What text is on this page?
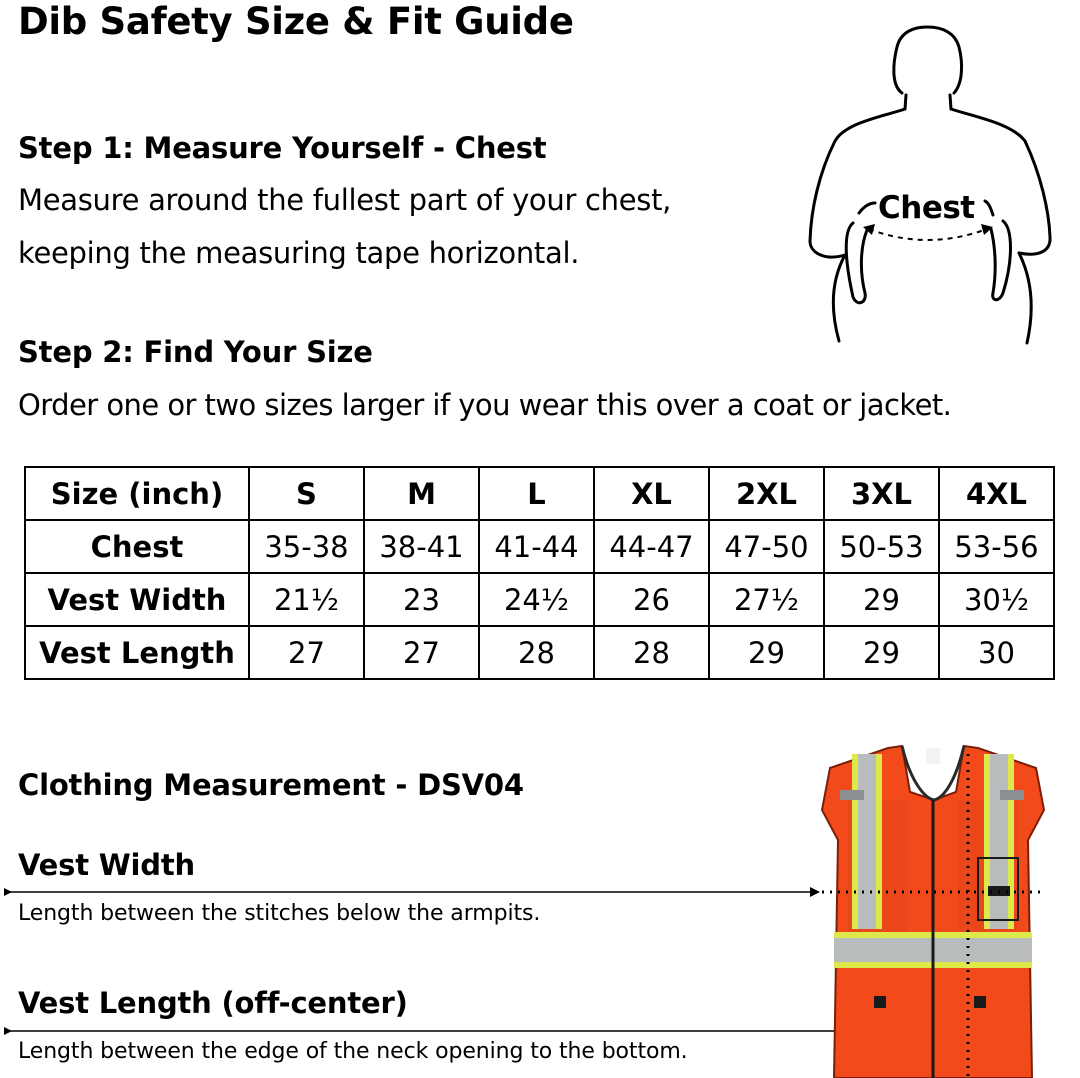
Dib Safety Size & Fit Guide
Step 1: Measure Yourself - Chest
Measure around the fullest part of your chest,
keeping the measuring tape horizontal.
Chest
Step 2: Find Your Size
Order one or two sizes larger if you wear this over a coat or jacket.
Size (inch)	S	M	L	XL	2XL	3XL	4XL
Chest	35-38	38-41	41-44	44-47	47-50	50-53	53-56
Vest Width	21½	23	24½	26	27½	29	30½
Vest Length	27	27	28	28	29	29	30
Clothing Measurement - DSV04
Vest Width
Length between the stitches below the armpits.
Vest Length (off-center)
Length between the edge of the neck opening to the bottom.
